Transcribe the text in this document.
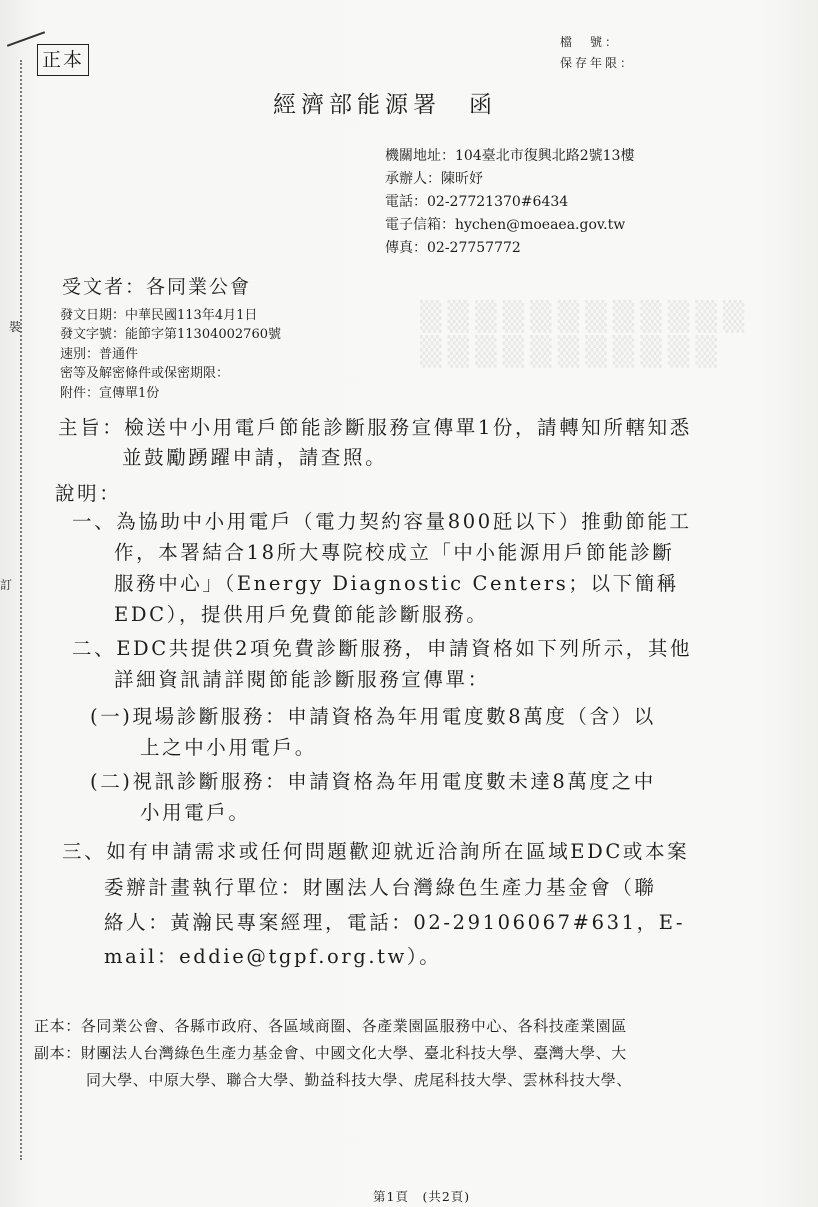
▒▒▒▒▒▒▒▒▒▒▒▒
▒▒▒▒▒▒▒▒▒▒▒
裝
訂
正本
檔　號：
保存年限：
經濟部能源署　函
機關地址：104臺北市復興北路2號13樓
承辦人：陳昕妤
電話：02-27721370#6434
電子信箱：hychen@moeaea.gov.tw
傳真：02-27757772
受文者：各同業公會
發文日期：中華民國113年4月1日
發文字號：能節字第11304002760號
速別：普通件
密等及解密條件或保密期限：
附件：宣傳單1份
主旨：檢送中小用電戶節能診斷服務宣傳單1份，請轉知所轄知悉
並鼓勵踴躍申請，請查照。
說明：
一、為協助中小用電戶（電力契約容量800瓩以下）推動節能工
作，本署結合18所大專院校成立「中小能源用戶節能診斷
服務中心」（Energy Diagnostic Centers；以下簡稱
EDC），提供用戶免費節能診斷服務。
二、EDC共提供2項免費診斷服務，申請資格如下列所示，其他
詳細資訊請詳閱節能診斷服務宣傳單：
(一)現場診斷服務：申請資格為年用電度數8萬度（含）以
上之中小用電戶。
(二)視訊診斷服務：申請資格為年用電度數未達8萬度之中
小用電戶。
三、如有申請需求或任何問題歡迎就近洽詢所在區域EDC或本案
委辦計畫執行單位：財團法人台灣綠色生產力基金會（聯
絡人：黃瀚民專案經理，電話：02-29106067#631，E-
mail：eddie@tgpf.org.tw）。
正本：各同業公會、各縣市政府、各區域商圈、各產業園區服務中心、各科技產業園區
副本：財團法人台灣綠色生產力基金會、中國文化大學、臺北科技大學、臺灣大學、大
同大學、中原大學、聯合大學、勤益科技大學、虎尾科技大學、雲林科技大學、
第1頁　(共2頁)
